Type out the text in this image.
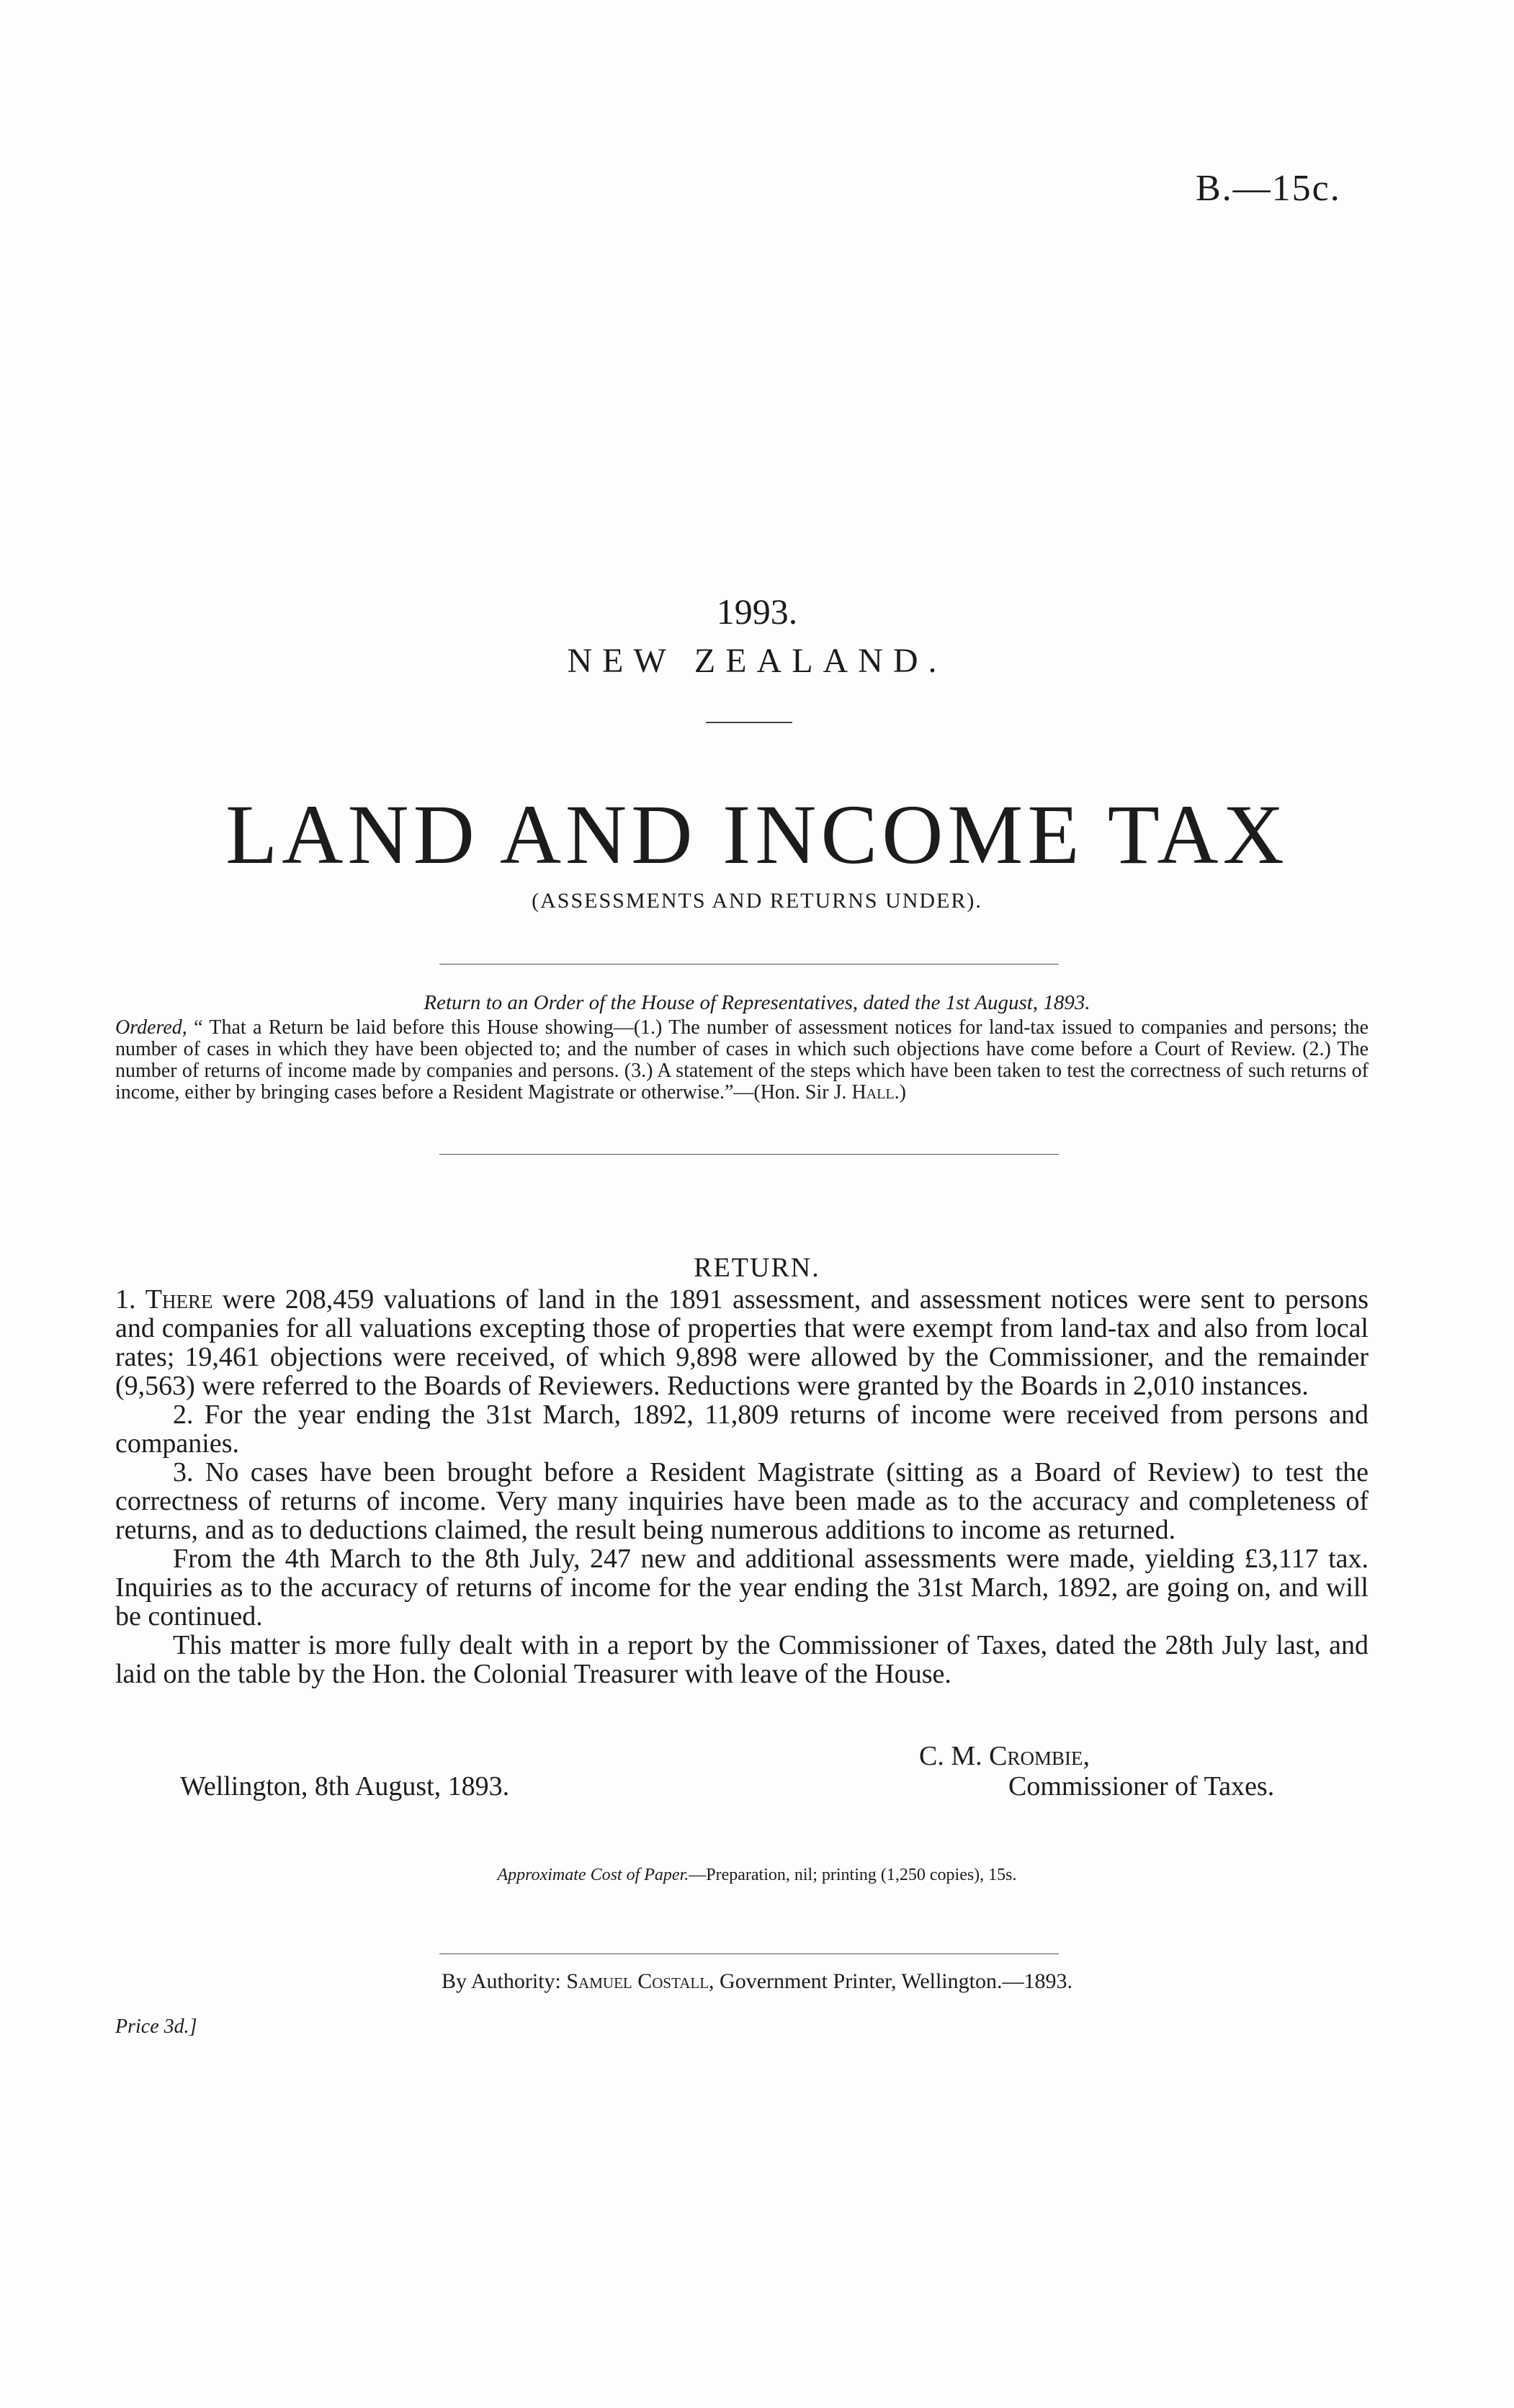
B.—15c.
1993.
NEW ZEALAND.
LAND AND INCOME TAX
(ASSESSMENTS AND RETURNS UNDER).
Return to an Order of the House of Representatives, dated the 1st August, 1893.
Ordered, “ That a Return be laid before this House showing—(1.) The number of assessment notices for land-tax issued to companies and persons; the number of cases in which they have been objected to; and the number of cases in which such objections have come before a Court of Review. (2.) The number of returns of income made by companies and persons. (3.) A statement of the steps which have been taken to test the correctness of such returns of income, either by bringing cases before a Resident Magistrate or otherwise.”—(Hon. Sir J. Hall.)
RETURN.

1. There were 208,459 valuations of land in the 1891 assessment, and assessment notices were sent to persons and companies for all valuations excepting those of properties that were exempt from land-tax and also from local rates; 19,461 objections were received, of which 9,898 were allowed by the Commissioner, and the remainder (9,563) were referred to the Boards of Reviewers. Reductions were granted by the Boards in 2,010 instances.

2. For the year ending the 31st March, 1892, 11,809 returns of income were received from persons and companies.

3. No cases have been brought before a Resident Magistrate (sitting as a Board of Review) to test the correctness of returns of income. Very many inquiries have been made as to the accuracy and completeness of returns, and as to deductions claimed, the result being numerous additions to income as returned.

From the 4th March to the 8th July, 247 new and additional assessments were made, yielding £3,117 tax. Inquiries as to the accuracy of returns of income for the year ending the 31st March, 1892, are going on, and will be continued.

This matter is more fully dealt with in a report by the Commissioner of Taxes, dated the 28th July last, and laid on the table by the Hon. the Colonial Treasurer with leave of the House.

C. M. Crombie,
Wellington, 8th August, 1893.	Commissioner of Taxes.
Approximate Cost of Paper.—Preparation, nil; printing (1,250 copies), 15s.
By Authority: Samuel Costall, Government Printer, Wellington.—1893.
Price 3d.]
